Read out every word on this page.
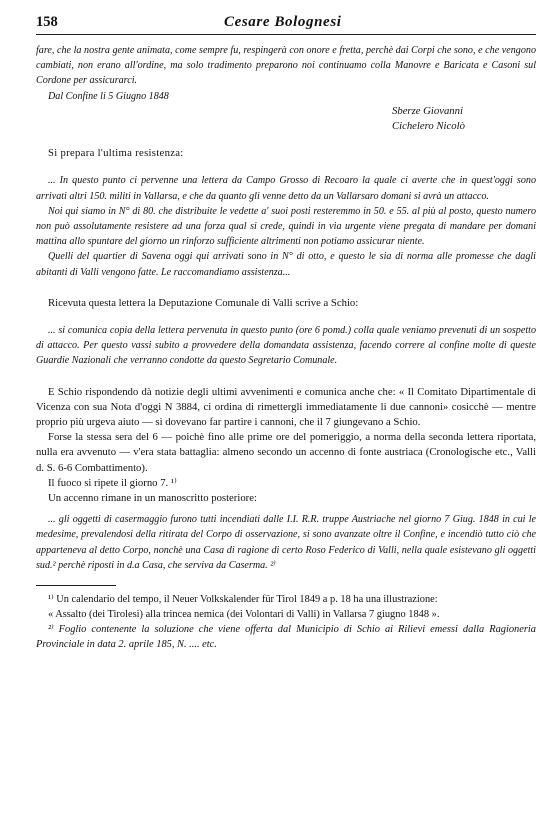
158	Cesare Bolognesi

fare, che la nostra gente animata, come sempre fu, respingerà con onore e fretta, perchè dai Corpi che sono, e che vengono cambiati, non erano all'ordine, ma solo tradimento preparono noi continuamo colla Manovre e Baricata e Casoni sul Cordone per assicurarci.

Dal Confine li 5 Giugno 1848

Sberze Giovanni
Cichelero Nicolò

Si prepara l'ultima resistenza:

... In questo punto ci pervenne una lettera da Campo Grosso di Recoaro la quale ci averte che in quest'oggi sono arrivati altri 150. militi in Vallarsa, e che da quanto gli venne detto da un Vallarsaro domani si avrà un attacco.

Noi qui siamo in N° di 80. che distribuite le vedette a' suoi posti resteremmo in 50. e 55. al più al posto, questo numero non può assolutamente resistere ad una forza qual si crede, quindi in via urgente viene pregata di mandare per domani mattina allo spuntare del giorno un rinforzo sufficiente altrimenti non potiamo assicurar niente.

Quelli del quartier di Savena oggi qui arrivati sono in N° di otto, e questo le sia di norma alle promesse che dagli abitanti di Valli vengono fatte. Le raccomandiamo assistenza...

Ricevuta questa lettera la Deputazione Comunale di Valli scrive a Schio:

... si comunica copia della lettera pervenuta in questo punto (ore 6 pomd.) colla quale veniamo prevenuti di un sospetto di attacco. Per questo vassi subito a provvedere della domandata assistenza, facendo correre al confine molte di queste Guardie Nazionali che verranno condotte da questo Segretario Comunale.

E Schio rispondendo dà notizie degli ultimi avvenimenti e comunica anche che: « Il Comitato Dipartimentale di Vicenza con sua Nota d'oggi N 3884, ci ordina di rimettergli immediatamente li due cannoni» cosicchè — mentre proprio più urgeva aiuto — si dovevano far partire i cannoni, che il 7 giungevano a Schio.

Forse la stessa sera del 6 — poichè fino alle prime ore del pomeriggio, a norma della seconda lettera riportata, nulla era avvenuto — v'era stata battaglia: almeno secondo un accenno di fonte austriaca (Cronologische etc., Valli d. S. 6-6 Combattimento).

Il fuoco si ripete il giorno 7. ¹⁾

Un accenno rimane in un manoscritto posteriore:

... gli oggetti di casermaggio furono tutti incendiati dalle I.I. R.R. truppe Austriache nel giorno 7 Giug. 1848 in cui le medesime, prevalendosi della ritirata del Corpo di osservazione, si sono avanzate oltre il Confine, e incendiò tutto ciò che apparteneva al detto Corpo, nonchè una Casa di ragione di certo Roso Federico di Valli, nella quale esistevano gli oggetti sud.² perchè riposti in d.a Casa, che serviva da Caserma. ²⁾

¹⁾ Un calendario del tempo, il Neuer Volkskalender für Tirol 1849 a p. 18 ha una illustrazione:

« Assalto (dei Tirolesi) alla trincea nemica (dei Volontari di Valli) in Vallarsa 7 giugno 1848 ».

²⁾ Foglio contenente la soluzione che viene offerta dal Municipio di Schio ai Rilievi emessi dalla Ragioneria Provinciale in data 2. aprile 185, N. .... etc.
